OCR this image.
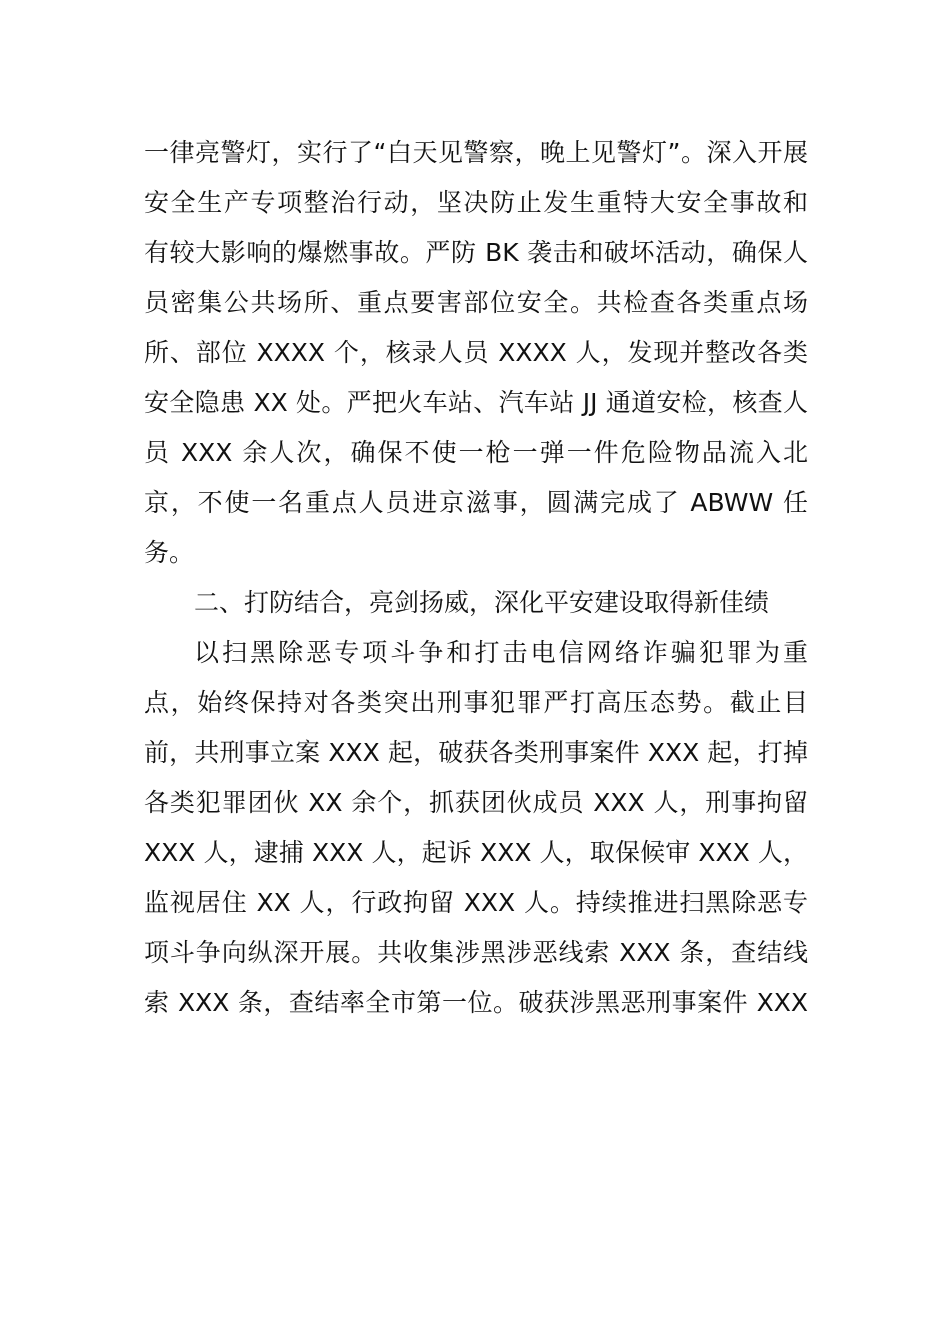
一律亮警灯，实行了“白天见警察，晚上见警灯”。深入开展
安全生产专项整治行动，坚决防止发生重特大安全事故和
有较大影响的爆燃事故。严防 BK 袭击和破坏活动，确保人
员密集公共场所、重点要害部位安全。共检查各类重点场
所、部位 XXXX 个，核录人员 XXXX 人，发现并整改各类
安全隐患 XX 处。严把火车站、汽车站 JJ 通道安检，核查人
员 XXX 余人次，确保不使一枪一弹一件危险物品流入北
京，不使一名重点人员进京滋事，圆满完成了 ABWW 任
务。
二、打防结合，亮剑扬威，深化平安建设取得新佳绩
以扫黑除恶专项斗争和打击电信网络诈骗犯罪为重
点，始终保持对各类突出刑事犯罪严打高压态势。截止目
前，共刑事立案 XXX 起，破获各类刑事案件 XXX 起，打掉
各类犯罪团伙 XX 余个，抓获团伙成员 XXX 人，刑事拘留
XXX 人，逮捕 XXX 人，起诉 XXX 人，取保候审 XXX 人，
监视居住 XX 人，行政拘留 XXX 人。持续推进扫黑除恶专
项斗争向纵深开展。共收集涉黑涉恶线索 XXX 条，查结线
索 XXX 条，查结率全市第一位。破获涉黑恶刑事案件 XXX
